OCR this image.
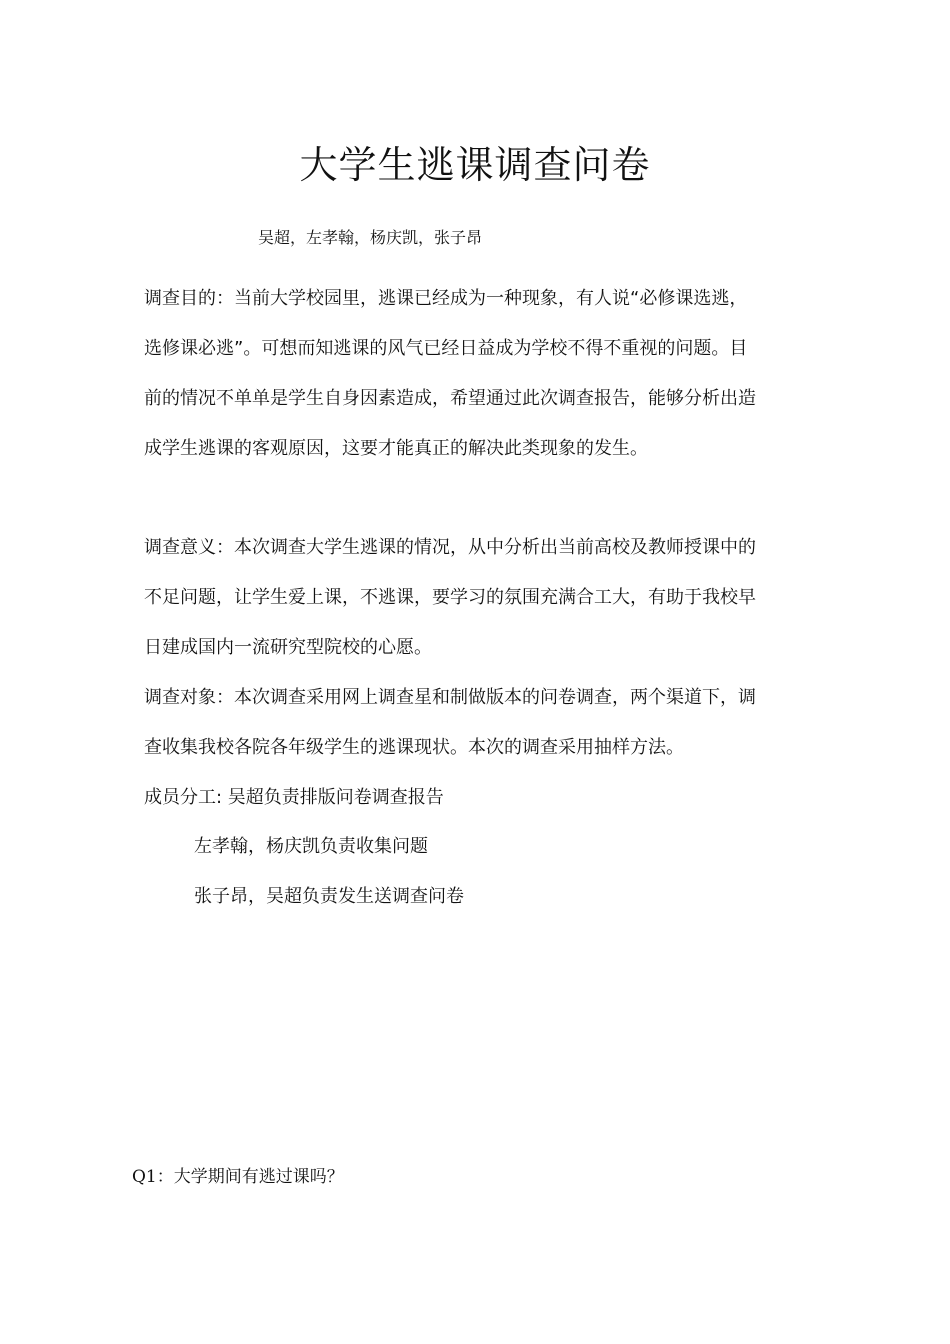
大学生逃课调查问卷
吴超，左孝翰，杨庆凯，张子昂
调查目的：当前大学校园里，逃课已经成为一种现象，有人说“必修课选逃，
选修课必逃”。可想而知逃课的风气已经日益成为学校不得不重视的问题。目
前的情况不单单是学生自身因素造成，希望通过此次调查报告，能够分析出造
成学生逃课的客观原因，这要才能真正的解决此类现象的发生。
调查意义：本次调查大学生逃课的情况，从中分析出当前高校及教师授课中的
不足问题，让学生爱上课，不逃课，要学习的氛围充满合工大，有助于我校早
日建成国内一流研究型院校的心愿。
调查对象：本次调查采用网上调查星和制做版本的问卷调查，两个渠道下，调
查收集我校各院各年级学生的逃课现状。本次的调查采用抽样方法。
成员分工: 吴超负责排版问卷调查报告
左孝翰，杨庆凯负责收集问题
张子昂，吴超负责发生送调查问卷
Q1：大学期间有逃过课吗？
